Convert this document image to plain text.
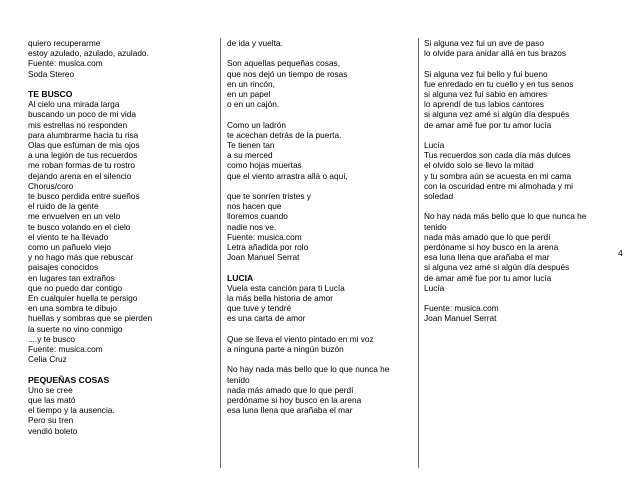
quiero recuperarme
estoy azulado, azulado, azulado.
Fuente: musica.com
Soda Stereo
TE BUSCO
Al cielo una mirada larga
buscando un poco de mi vida
mis estrellas no responden
para alumbrarme hacia tu risa
Olas que esfuman de mis ojos
a una legión de tus recuerdos
me roban formas de tu rostro
dejando arena en el silencio
Chorus/coro
te busco perdida entre sueños
el ruido de la gente
me envuelven en un velo
te busco volando en el cielo
el viento te ha llevado
como un pañuelo viejo
y no hago más que rebuscar
paisajes conocidos
en lugares tan extraños
que no puedo dar contigo
En cualquier huella te persigo
en una sombra te dibujo
huellas y sombras que se pierden
la suerte no vino conmigo
....y te busco
Fuente: musica.com
Celia Cruz
PEQUEÑAS COSAS
Uno se cree
que las mató
el tiempo y la ausencia.
Pero su tren
vendió boleto
de ida y vuelta.
Son aquellas pequeñas cosas,
que nos dejó un tiempo de rosas
en un rincón,
en un papel
o en un cajón.
Como un ladrón
te acechan detrás de la puerta.
Te tienen tan
a su merced
como hojas muertas
que el viento arrastra allá o aquí,
que te sonríen tristes y
nos hacen que
lloremos cuando
nadie nos ve.
Fuente: musica.com
Letra añadida por rolo
Joan Manuel Serrat
LUCIA
Vuela esta canción para ti Lucía
la más bella historia de amor
que tuve y tendré
es una carta de amor
Que se lleva el viento pintado en mi voz
a ninguna parte a ningún buzón
No hay nada más bello que lo que nunca he
tenido
nada más amado que lo que perdí
perdóname si hoy busco en la arena
esa luna llena que arañaba el mar
Si alguna vez fui un ave de paso
lo olvide para anidar allá en tus brazos
Si alguna vez fui bello y fui bueno
fue enredado en tu cuello y en tus senos
si alguna vez fui sabio en amores
lo aprendí de tus labios cantores
si alguna vez amé si algún día después
de amar amé fue por tu amor lucía
Lucía
Tus recuerdos son cada día más dulces
el olvido solo se llevo la mitad
y tu sombra aún se acuesta en mi cama
con la oscuridad entre mi almohada y mi
soledad
No hay nada más bello que lo que nunca he
tenido
nada más amado que lo que perdí
perdóname si hoy busco en la arena
esa luna llena que arañaba el mar
si alguna vez amé si algún día después
de amar amé fue por tu amor lucía
Lucía
Fuente: musica.com
Joan Manuel Serrat
4
